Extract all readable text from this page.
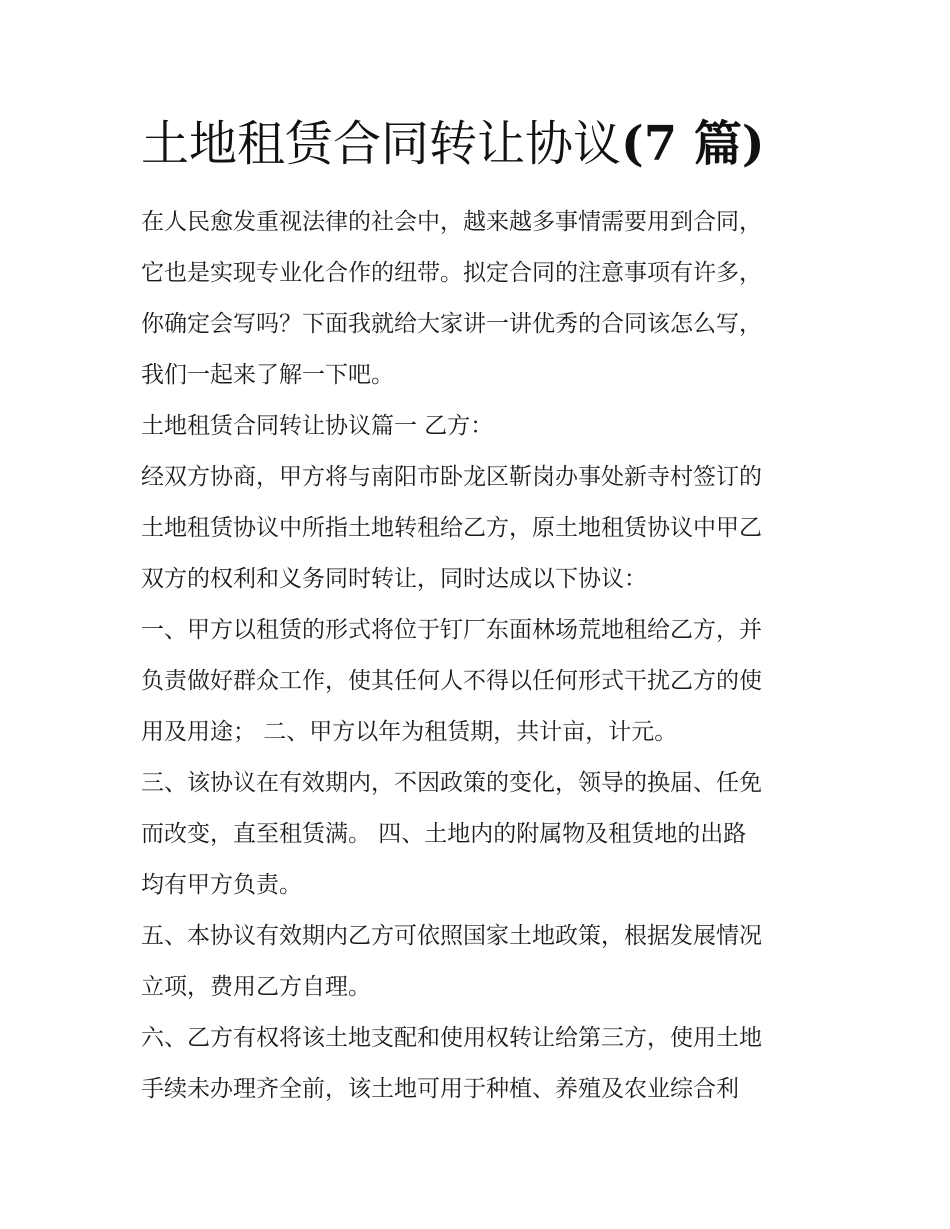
土地租赁合同转让协议(7 篇)

在人民愈发重视法律的社会中，越来越多事情需要用到合同，

它也是实现专业化合作的纽带。拟定合同的注意事项有许多，

你确定会写吗？下面我就给大家讲一讲优秀的合同该怎么写，

我们一起来了解一下吧。

土地租赁合同转让协议篇一 乙方：

经双方协商，甲方将与南阳市卧龙区靳岗办事处新寺村签订的

土地租赁协议中所指土地转租给乙方，原土地租赁协议中甲乙

双方的权利和义务同时转让，同时达成以下协议：

一、甲方以租赁的形式将位于钉厂东面林场荒地租给乙方，并

负责做好群众工作，使其任何人不得以任何形式干扰乙方的使

用及用途； 二、甲方以年为租赁期，共计亩，计元。

三、该协议在有效期内，不因政策的变化，领导的换届、任免

而改变，直至租赁满。 四、土地内的附属物及租赁地的出路

均有甲方负责。

五、本协议有效期内乙方可依照国家土地政策，根据发展情况

立项，费用乙方自理。

六、乙方有权将该土地支配和使用权转让给第三方，使用土地

手续未办理齐全前，该土地可用于种植、养殖及农业综合利
